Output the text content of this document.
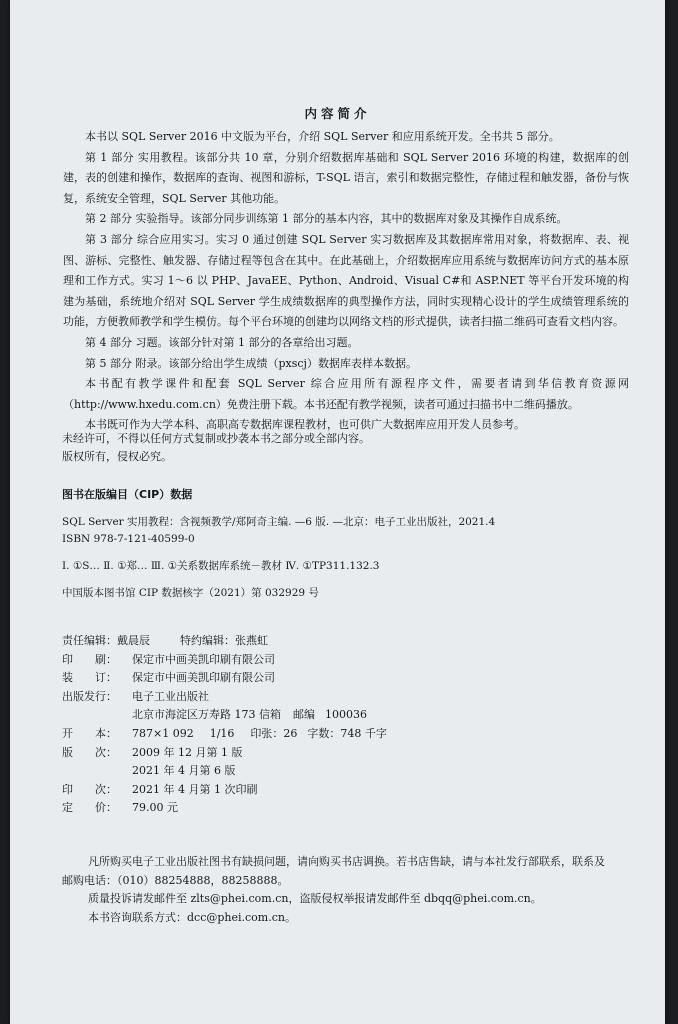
内容简介

本书以 SQL Server 2016 中文版为平台，介绍 SQL Server 和应用系统开发。全书共 5 部分。

第 1 部分 实用教程。该部分共 10 章，分别介绍数据库基础和 SQL Server 2016 环境的构建，数据库的创建，表的创建和操作，数据库的查询、视图和游标，T-SQL 语言，索引和数据完整性，存储过程和触发器，备份与恢复，系统安全管理，SQL Server 其他功能。

第 2 部分 实验指导。该部分同步训练第 1 部分的基本内容，其中的数据库对象及其操作自成系统。

第 3 部分 综合应用实习。实习 0 通过创建 SQL Server 实习数据库及其数据库常用对象，将数据库、表、视图、游标、完整性、触发器、存储过程等包含在其中。在此基础上，介绍数据库应用系统与数据库访问方式的基本原理和工作方式。实习 1～6 以 PHP、JavaEE、Python、Android、Visual C#和 ASP.NET 等平台开发环境的构建为基础，系统地介绍对 SQL Server 学生成绩数据库的典型操作方法，同时实现精心设计的学生成绩管理系统的功能，方便教师教学和学生模仿。每个平台环境的创建均以网络文档的形式提供，读者扫描二维码可查看文档内容。

第 4 部分 习题。该部分针对第 1 部分的各章给出习题。

第 5 部分 附录。该部分给出学生成绩（pxscj）数据库表样本数据。

本书配有教学课件和配套 SQL Server 综合应用所有源程序文件，需要者请到华信教育资源网（http://www.hxedu.com.cn）免费注册下载。本书还配有教学视频，读者可通过扫描书中二维码播放。

本书既可作为大学本科、高职高专数据库课程教材，也可供广大数据库应用开发人员参考。

未经许可，不得以任何方式复制或抄袭本书之部分或全部内容。
版权所有，侵权必究。
图书在版编目（CIP）数据
SQL Server 实用教程：含视频教学/郑阿奇主编. —6 版. —北京：电子工业出版社，2021.4
ISBN 978-7-121-40599-0
Ⅰ. ①S… Ⅱ. ①郑… Ⅲ. ①关系数据库系统－教材 Ⅳ. ①TP311.132.3
中国版本图书馆 CIP 数据核字（2021）第 032929 号
责任编辑： 戴晨辰	特约编辑： 张燕虹
印　　刷：	保定市中画美凯印刷有限公司
装　　订：	保定市中画美凯印刷有限公司
出版发行：	电子工业出版社
北京市海淀区万寿路 173 信箱 邮编 100036
开　　本：	787×1 092 1/16 印张： 26 字数： 748 千字
版　　次：	2009 年 12 月第 1 版
2021 年 4 月第 6 版
印　　次：	2021 年 4 月第 1 次印刷
定　　价：	79.00 元
凡所购买电子工业出版社图书有缺损问题，请向购买书店调换。若书店售缺，请与本社发行部联系，联系及
邮购电话：（010）88254888，88258888。
质量投诉请发邮件至 zlts@phei.com.cn，盗版侵权举报请发邮件至 dbqq@phei.com.cn。
本书咨询联系方式：dcc@phei.com.cn。
